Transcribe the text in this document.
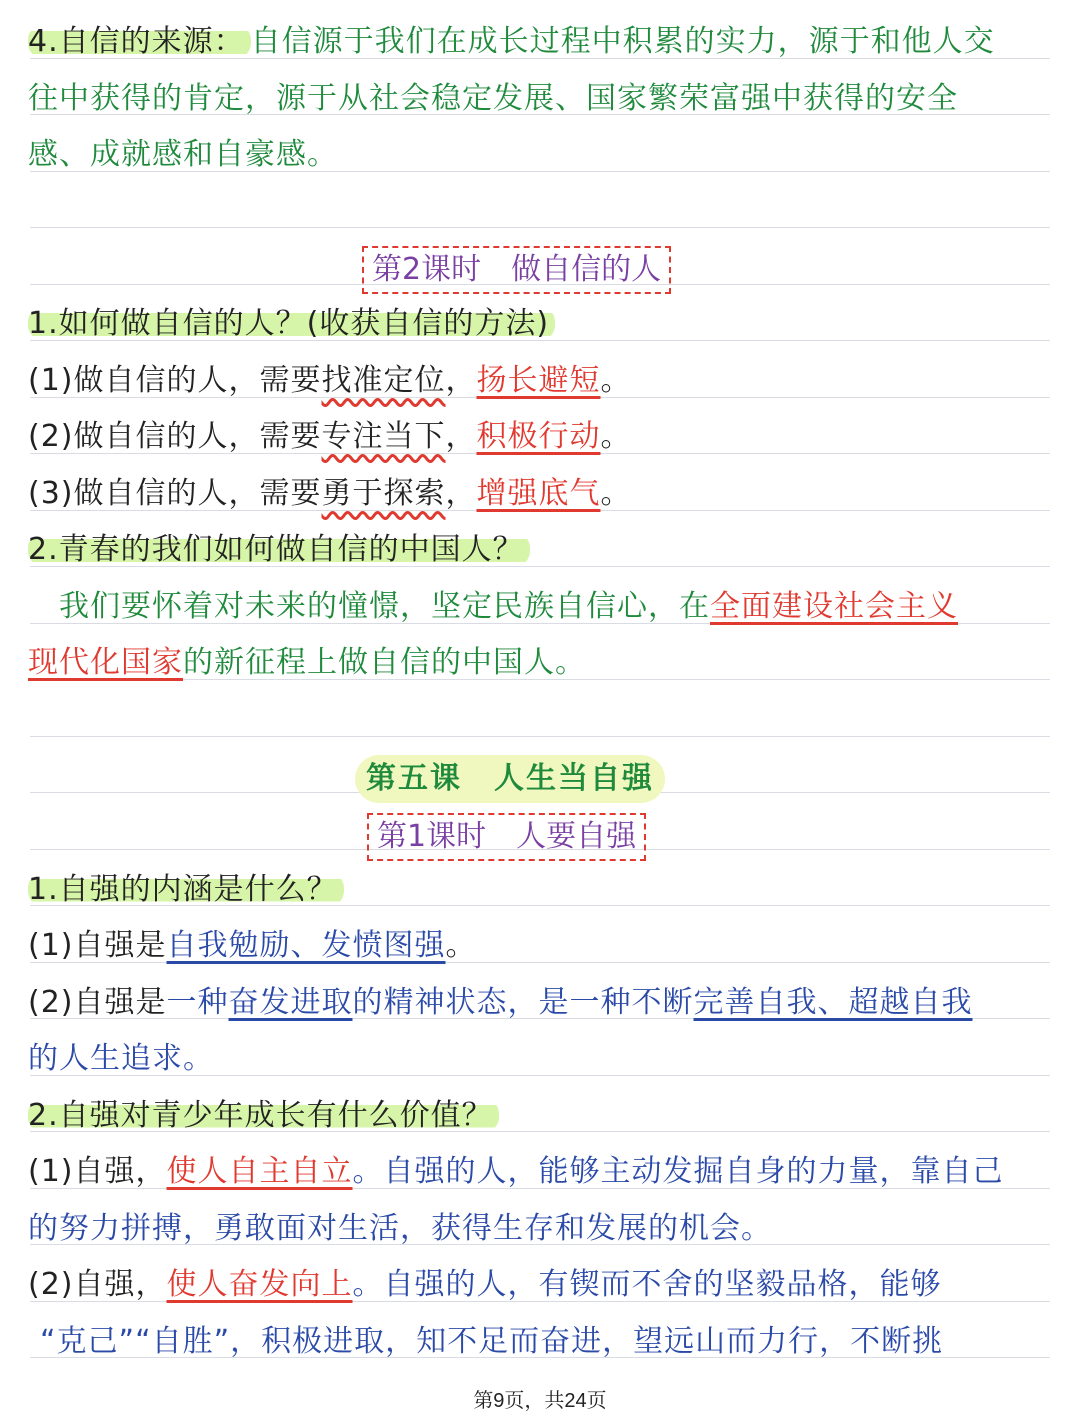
4.自信的来源： 自信源于我们在成长过程中积累的实力，源于和他人交
往中获得的肯定，源于从社会稳定发展、国家繁荣富强中获得的安全
感、成就感和自豪感。
第2课时　做自信的人
1.如何做自信的人？(收获自信的方法)
(1)做自信的人，需要找准定位，扬长避短。
(2)做自信的人，需要专注当下，积极行动。
(3)做自信的人，需要勇于探索，增强底气。
2.青春的我们如何做自信的中国人？
　我们要怀着对未来的憧憬，坚定民族自信心，在全面建设社会主义
现代化国家的新征程上做自信的中国人。
第五课　人生当自强
第1课时　人要自强
1.自强的内涵是什么？
(1)自强是自我勉励、发愤图强。
(2)自强是一种奋发进取的精神状态，是一种不断完善自我、超越自我
的人生追求。
2.自强对青少年成长有什么价值？
(1)自强，使人自主自立。自强的人，能够主动发掘自身的力量，靠自己
的努力拼搏，勇敢面对生活，获得生存和发展的机会。
(2)自强，使人奋发向上。自强的人，有锲而不舍的坚毅品格，能够
“克己”“自胜”，积极进取，知不足而奋进，望远山而力行，不断挑
第9页，共24页
